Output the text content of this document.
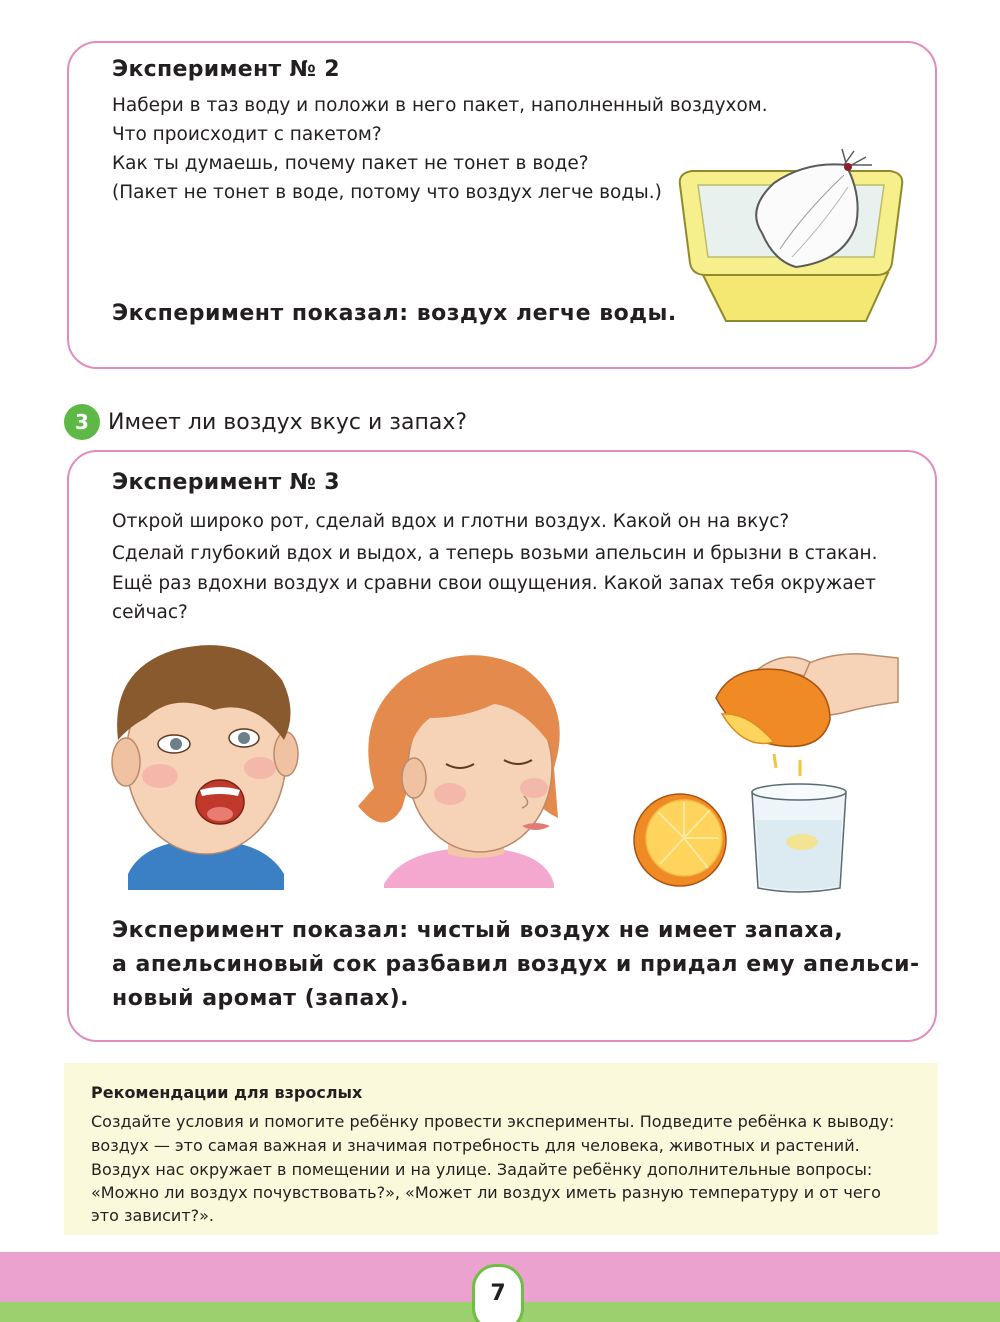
Эксперимент № 2
Набери в таз воду и положи в него пакет, наполненный воздухом.
Что происходит с пакетом?
Как ты думаешь, почему пакет не тонет в воде?
(Пакет не тонет в воде, потому что воздух легче воды.)
Эксперимент показал: воздух легче воды.
3 Имеет ли воздух вкус и запах?
Эксперимент № 3
Открой широко рот, сделай вдох и глотни воздух. Какой он на вкус?
Сделай глубокий вдох и выдох, а теперь возьми апельсин и брызни в стакан.
Ещё раз вдохни воздух и сравни свои ощущения. Какой запах тебя окружает
сейчас?
Эксперимент показал: чистый воздух не имеет запаха,
а апельсиновый сок разбавил воздух и придал ему апельси-
новый аромат (запах).
Рекомендации для взрослых
Создайте условия и помогите ребёнку провести эксперименты. Подведите ребёнка к выводу:
воздух — это самая важная и значимая потребность для человека, животных и растений.
Воздух нас окружает в помещении и на улице. Задайте ребёнку дополнительные вопросы:
«Можно ли воздух почувствовать?», «Может ли воздух иметь разную температуру и от чего
это зависит?».
7
